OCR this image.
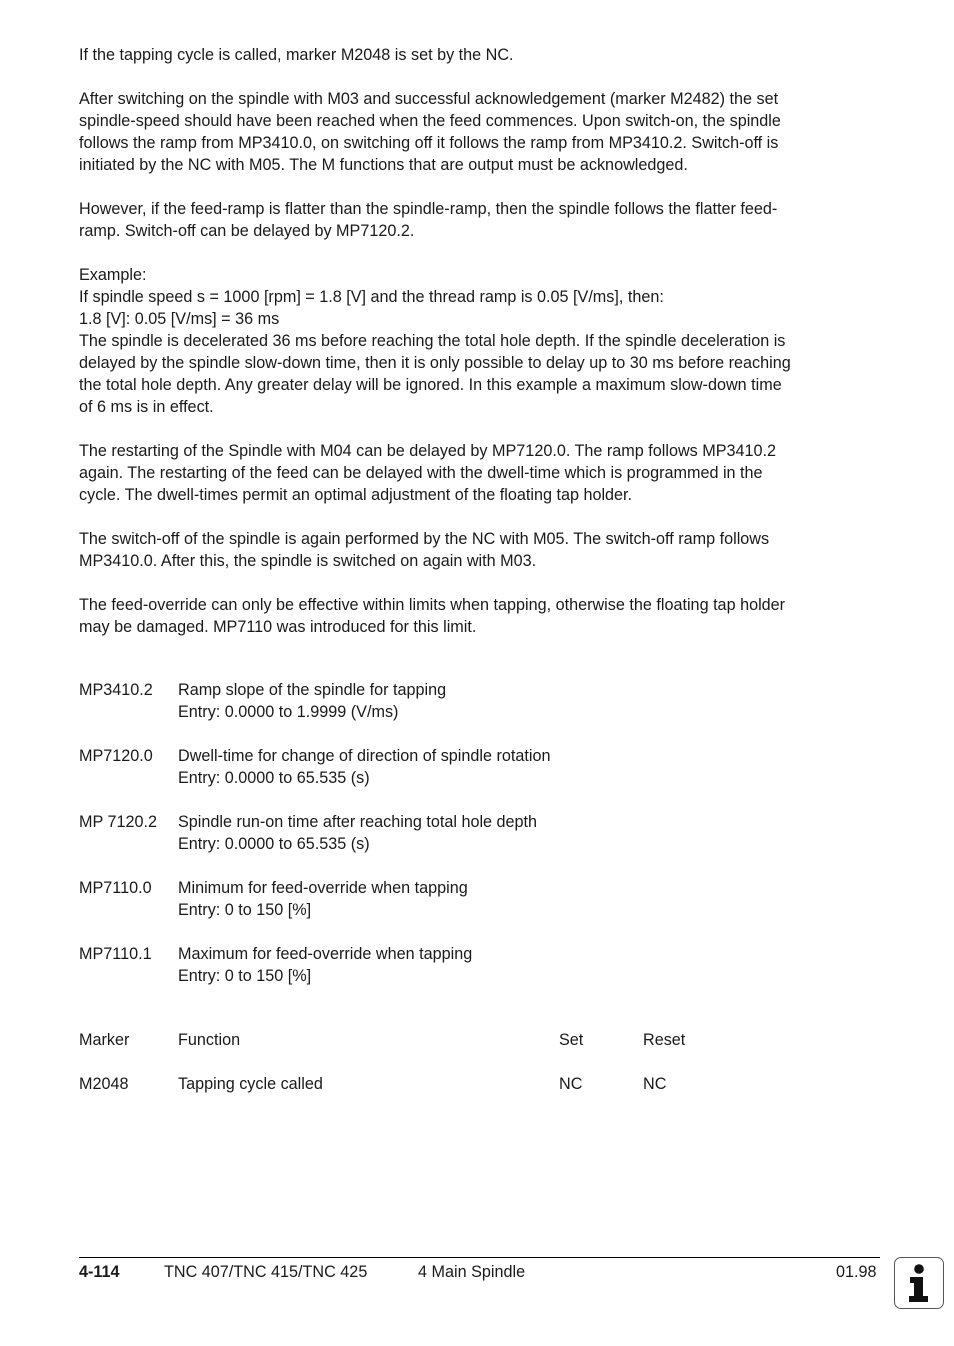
If the tapping cycle is called, marker M2048 is set by the NC.

After switching on the spindle with M03 and successful acknowledgement (marker M2482) the set
spindle-speed should have been reached when the feed commences. Upon switch-on, the spindle
follows the ramp from MP3410.0, on switching off it follows the ramp from MP3410.2. Switch-off is
initiated by the NC with M05. The M functions that are output must be acknowledged.

However, if the feed-ramp is flatter than the spindle-ramp, then the spindle follows the flatter feed-
ramp. Switch-off can be delayed by MP7120.2.

Example:
If spindle speed s = 1000 [rpm] = 1.8 [V] and the thread ramp is 0.05 [V/ms], then:
1.8 [V]: 0.05 [V/ms] = 36 ms
The spindle is decelerated 36 ms before reaching the total hole depth. If the spindle deceleration is
delayed by the spindle slow-down time, then it is only possible to delay up to 30 ms before reaching
the total hole depth. Any greater delay will be ignored. In this example a maximum slow-down time
of 6 ms is in effect.

The restarting of the Spindle with M04 can be delayed by MP7120.0. The ramp follows MP3410.2
again. The restarting of the feed can be delayed with the dwell-time which is programmed in the
cycle. The dwell-times permit an optimal adjustment of the floating tap holder.

The switch-off of the spindle is again performed by the NC with M05. The switch-off ramp follows
MP3410.0. After this, the spindle is switched on again with M03.

The feed-override can only be effective within limits when tapping, otherwise the floating tap holder
may be damaged. MP7110 was introduced for this limit.

MP3410.2	Ramp slope of the spindle for tapping
Entry: 0.0000 to 1.9999 (V/ms)
MP7120.0	Dwell-time for change of direction of spindle rotation
Entry: 0.0000 to 65.535 (s)
MP 7120.2	Spindle run-on time after reaching total hole depth
Entry: 0.0000 to 65.535 (s)
MP7110.0	Minimum for feed-override when tapping
Entry: 0 to 150 [%]
MP7110.1	Maximum for feed-override when tapping
Entry: 0 to 150 [%]
Marker	Function	Set	Reset
M2048	Tapping cycle called	NC	NC
4-114	TNC 407/TNC 415/TNC 425	4 Main Spindle	01.98
